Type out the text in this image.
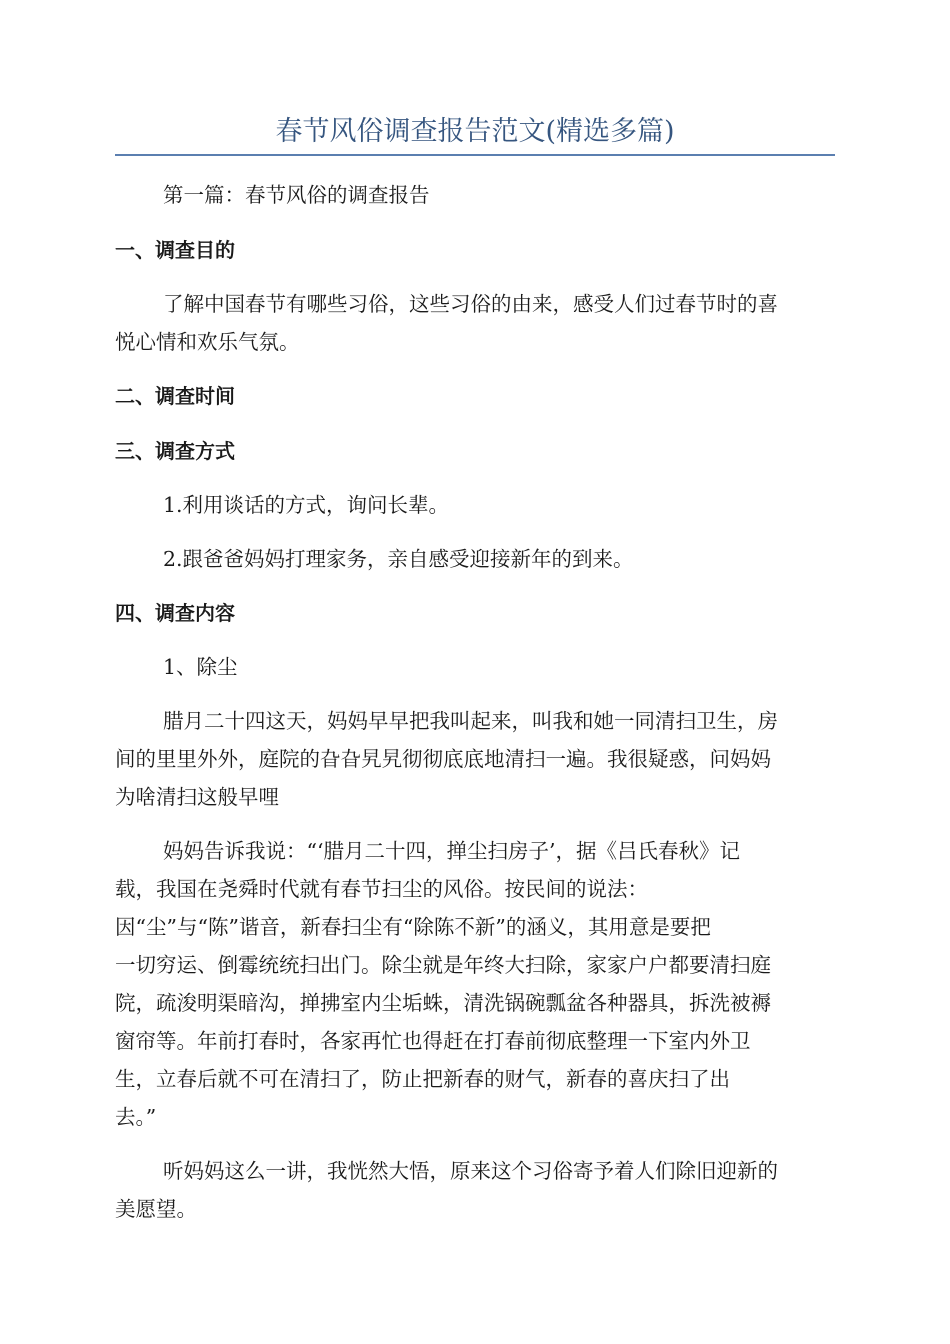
春节风俗调查报告范文(精选多篇)
第一篇：春节风俗的调查报告
一、调查目的
了解中国春节有哪些习俗，这些习俗的由来，感受人们过春节时的喜
悦心情和欢乐气氛。
二、调查时间
三、调查方式
1.利用谈话的方式，询问长辈。
2.跟爸爸妈妈打理家务，亲自感受迎接新年的到来。
四、调查内容
1、除尘
腊月二十四这天，妈妈早早把我叫起来，叫我和她一同清扫卫生，房
间的里里外外，庭院的旮旮旯旯彻彻底底地清扫一遍。我很疑惑，问妈妈
为啥清扫这般早哩
妈妈告诉我说：“‘腊月二十四，掸尘扫房子’，据《吕氏春秋》记
载，我国在尧舜时代就有春节扫尘的风俗。按民间的说法：
因“尘”与“陈”谐音，新春扫尘有“除陈不新”的涵义，其用意是要把
一切穷运、倒霉统统扫出门。除尘就是年终大扫除，家家户户都要清扫庭
院，疏浚明渠暗沟，掸拂室内尘垢蛛，清洗锅碗瓢盆各种器具，拆洗被褥
窗帘等。年前打春时，各家再忙也得赶在打春前彻底整理一下室内外卫
生，立春后就不可在清扫了，防止把新春的财气，新春的喜庆扫了出
去。”
听妈妈这么一讲，我恍然大悟，原来这个习俗寄予着人们除旧迎新的
美愿望。
